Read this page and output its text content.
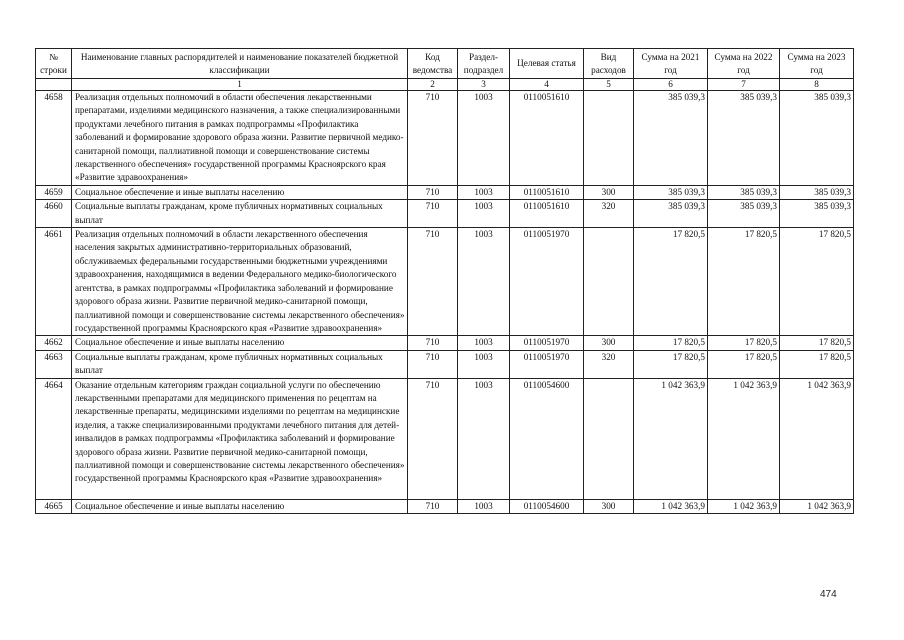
№ строки	Наименование главных распорядителей и наименование показателей бюджетной классификации	Код ведомства	Раздел-подраздел	Целевая статья	Вид расходов	Сумма на 2021 год	Сумма на 2022 год	Сумма на 2023 год
	1	2	3	4	5	6	7	8
4658	Реализация отдельных полномочий в области обеспечения лекарственными препаратами, изделиями медицинского назначения, а также специализированными продуктами лечебного питания в рамках подпрограммы «Профилактика заболеваний и формирование здорового образа жизни. Развитие первичной медико-санитарной помощи, паллиативной помощи и совершенствование системы лекарственного обеспечения» государственной программы Красноярского края «Развитие здравоохранения»	710	1003	0110051610		385 039,3	385 039,3	385 039,3
4659	Социальное обеспечение и иные выплаты населению	710	1003	0110051610	300	385 039,3	385 039,3	385 039,3
4660	Социальные выплаты гражданам, кроме публичных нормативных социальных выплат	710	1003	0110051610	320	385 039,3	385 039,3	385 039,3
4661	Реализация отдельных полномочий в области лекарственного обеспечения населения закрытых административно-территориальных образований, обслуживаемых федеральными государственными бюджетными учреждениями здравоохранения, находящимися в ведении Федерального медико-биологического агентства, в рамках подпрограммы «Профилактика заболеваний и формирование здорового образа жизни. Развитие первичной медико-санитарной помощи, паллиативной помощи и совершенствование системы лекарственного обеспечения» государственной программы Красноярского края «Развитие здравоохранения»	710	1003	0110051970		17 820,5	17 820,5	17 820,5
4662	Социальное обеспечение и иные выплаты населению	710	1003	0110051970	300	17 820,5	17 820,5	17 820,5
4663	Социальные выплаты гражданам, кроме публичных нормативных социальных выплат	710	1003	0110051970	320	17 820,5	17 820,5	17 820,5
4664	Оказание отдельным категориям граждан социальной услуги по обеспечению лекарственными препаратами для медицинского применения по рецептам на лекарственные препараты, медицинскими изделиями по рецептам на медицинские изделия, а также специализированными продуктами лечебного питания для детей-инвалидов в рамках подпрограммы «Профилактика заболеваний и формирование здорового образа жизни. Развитие первичной медико-санитарной помощи, паллиативной помощи и совершенствование системы лекарственного обеспечения» государственной программы Красноярского края «Развитие здравоохранения»	710	1003	0110054600		1 042 363,9	1 042 363,9	1 042 363,9
4665	Социальное обеспечение и иные выплаты населению	710	1003	0110054600	300	1 042 363,9	1 042 363,9	1 042 363,9
474
